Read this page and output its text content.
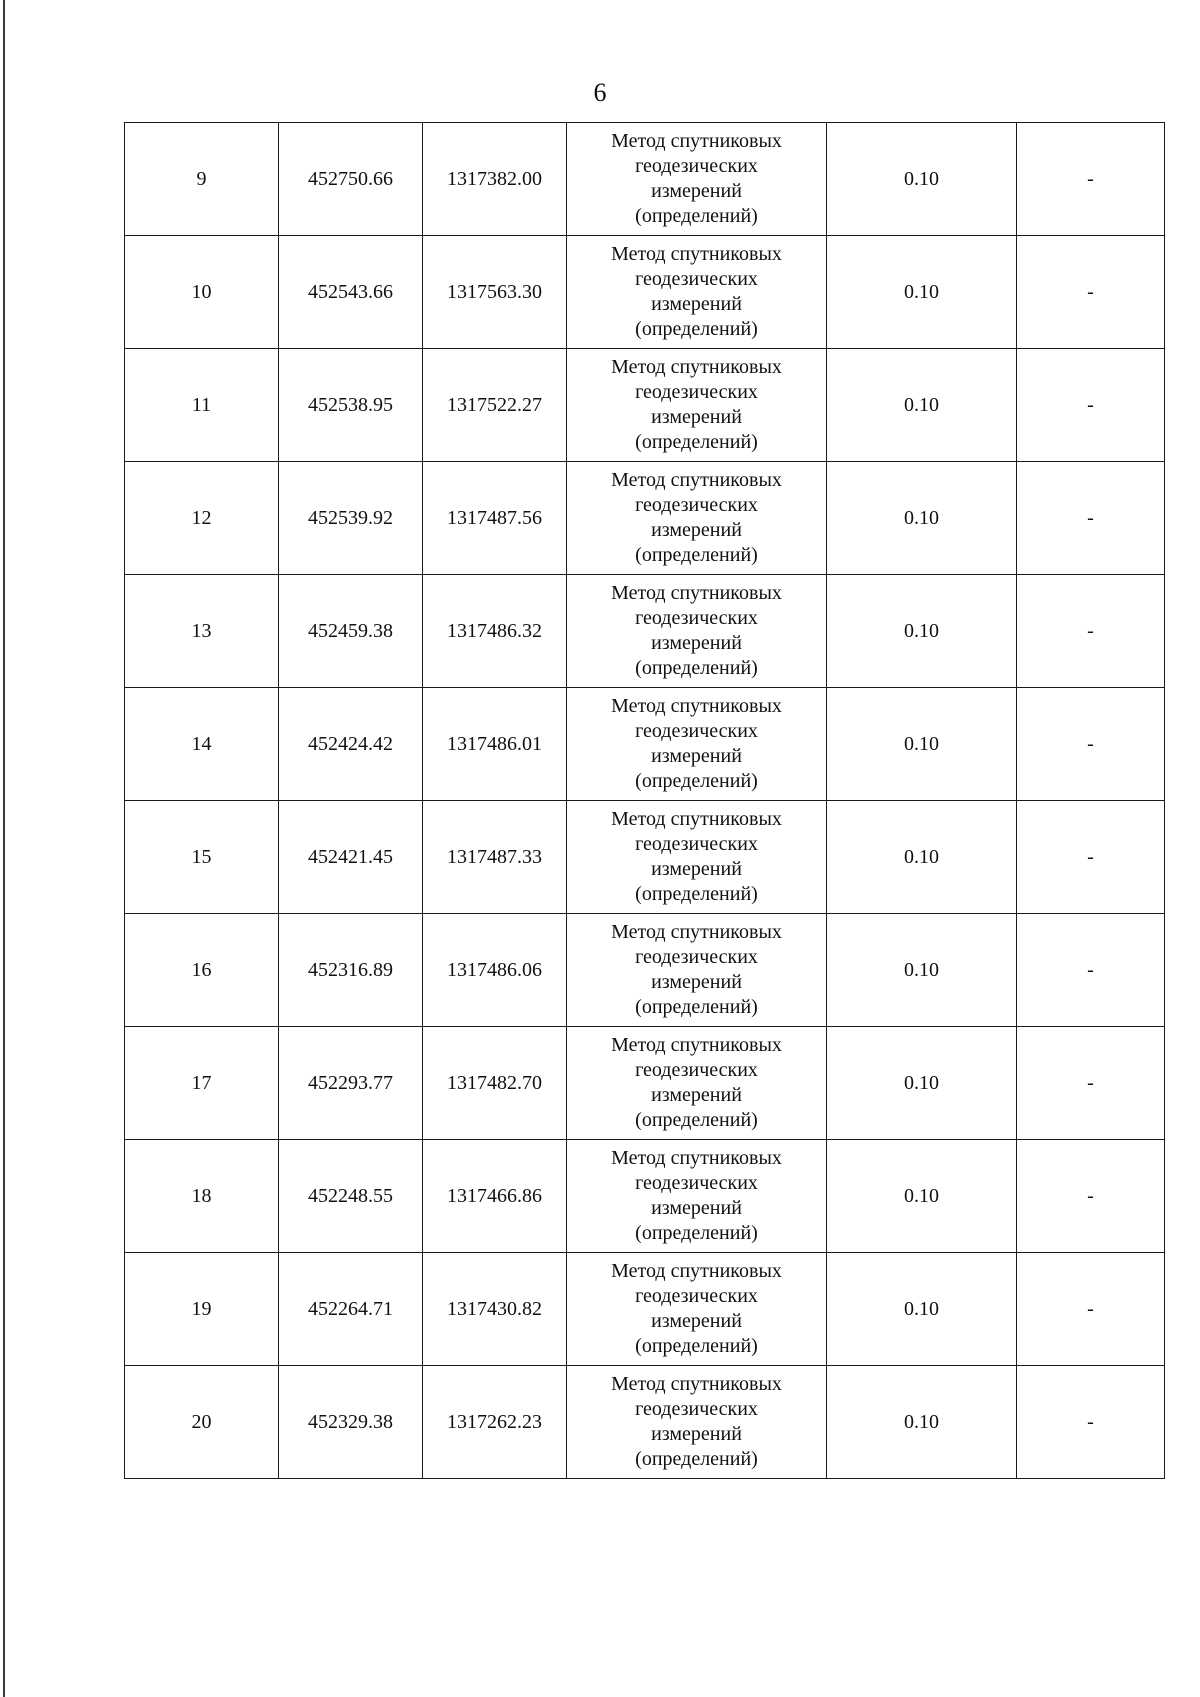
6
9	452750.66	1317382.00	Метод спутниковых
геодезических
измерений
(определений)	0.10	-
10	452543.66	1317563.30	Метод спутниковых
геодезических
измерений
(определений)	0.10	-
11	452538.95	1317522.27	Метод спутниковых
геодезических
измерений
(определений)	0.10	-
12	452539.92	1317487.56	Метод спутниковых
геодезических
измерений
(определений)	0.10	-
13	452459.38	1317486.32	Метод спутниковых
геодезических
измерений
(определений)	0.10	-
14	452424.42	1317486.01	Метод спутниковых
геодезических
измерений
(определений)	0.10	-
15	452421.45	1317487.33	Метод спутниковых
геодезических
измерений
(определений)	0.10	-
16	452316.89	1317486.06	Метод спутниковых
геодезических
измерений
(определений)	0.10	-
17	452293.77	1317482.70	Метод спутниковых
геодезических
измерений
(определений)	0.10	-
18	452248.55	1317466.86	Метод спутниковых
геодезических
измерений
(определений)	0.10	-
19	452264.71	1317430.82	Метод спутниковых
геодезических
измерений
(определений)	0.10	-
20	452329.38	1317262.23	Метод спутниковых
геодезических
измерений
(определений)	0.10	-
